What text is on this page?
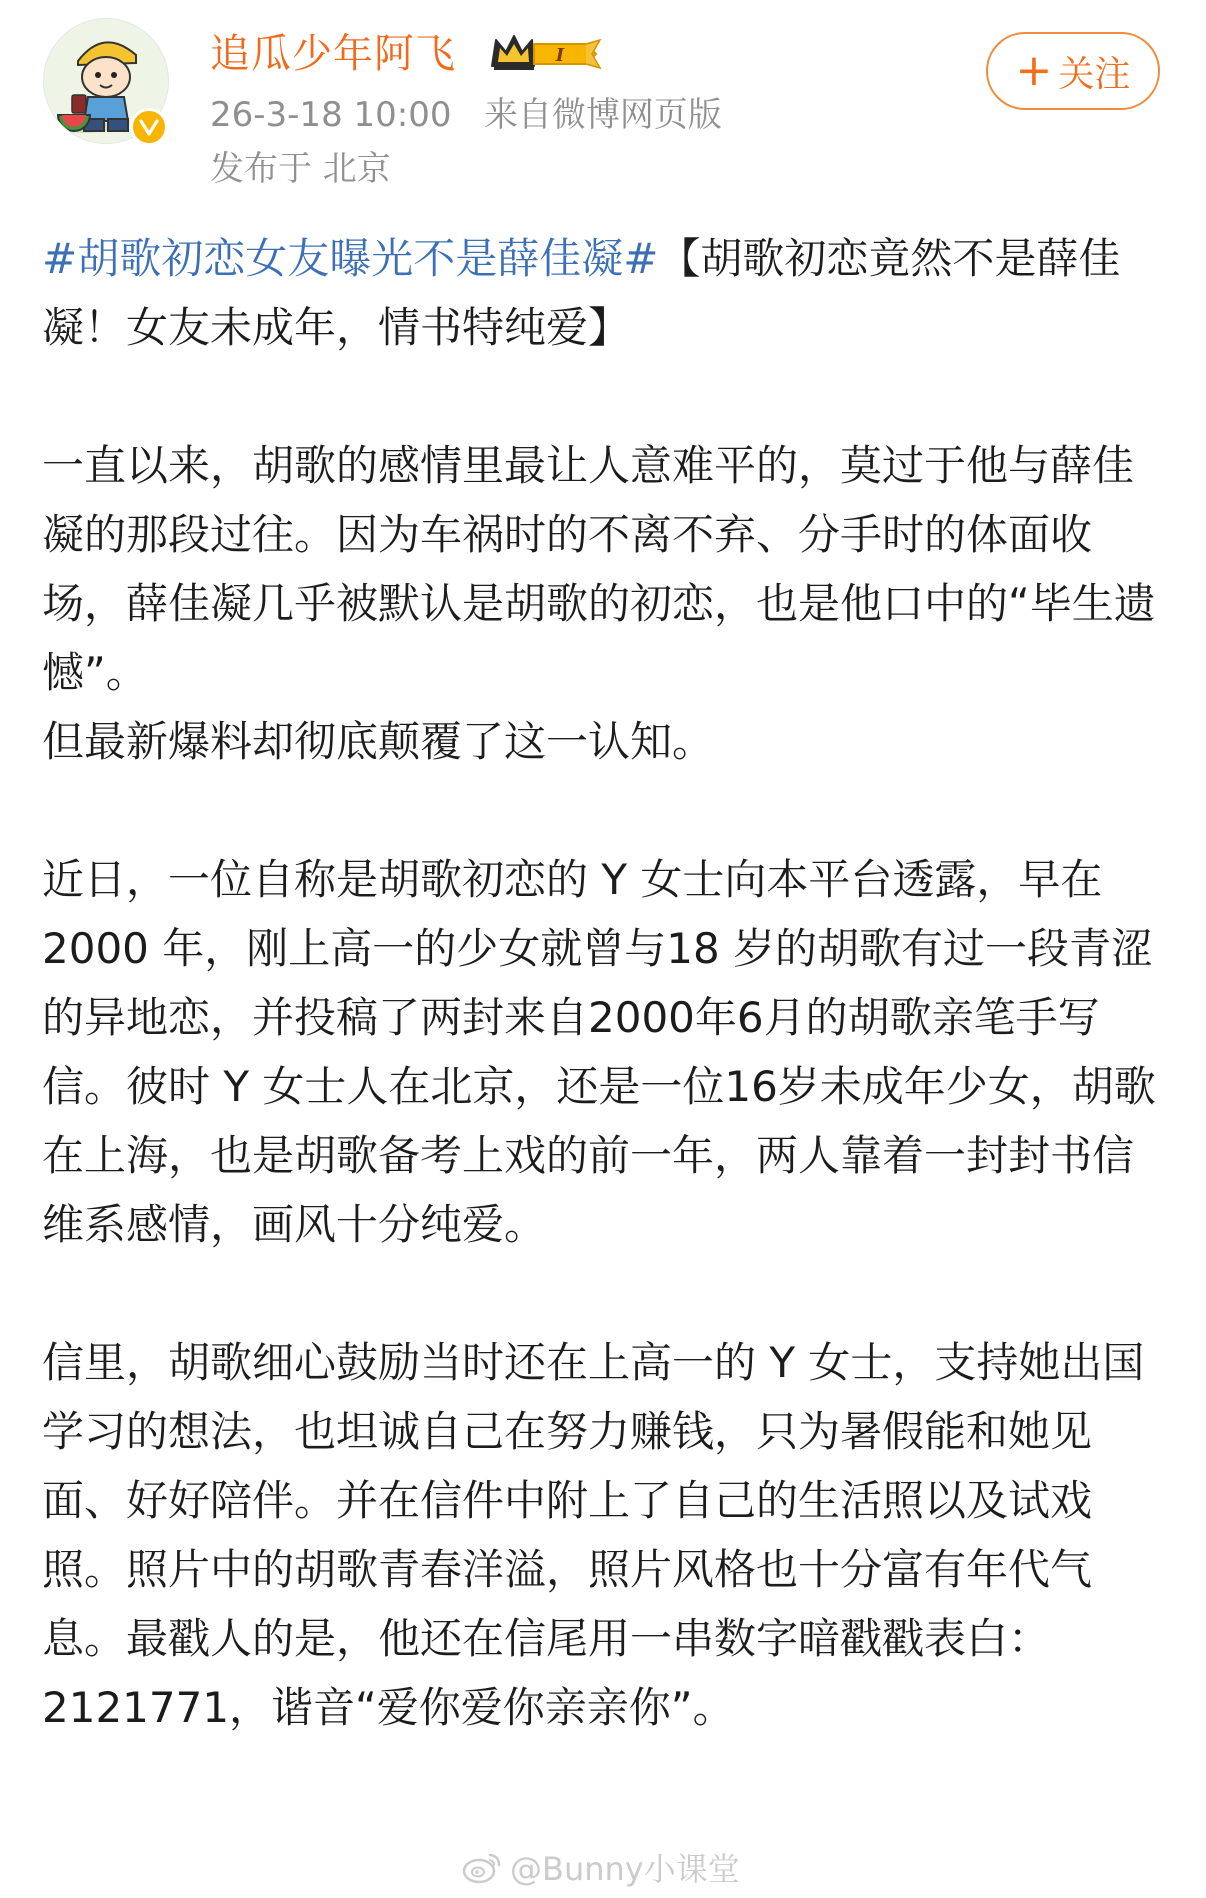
追瓜少年阿飞	I
26-3-18 10:00 来自微博网页版
发布于 北京
+ 关注

#胡歌初恋女友曝光不是薛佳凝#【胡歌初恋竟然不是薛佳凝！女友未成年，情书特纯爱】

一直以来，胡歌的感情里最让人意难平的，莫过于他与薛佳凝的那段过往。因为车祸时的不离不弃、分手时的体面收场，薛佳凝几乎被默认是胡歌的初恋，也是他口中的“毕生遗憾”。

但最新爆料却彻底颠覆了这一认知。

近日，一位自称是胡歌初恋的 Y 女士向本平台透露，早在 2000 年，刚上高一的少女就曾与18 岁的胡歌有过一段青涩的异地恋，并投稿了两封来自2000年6月的胡歌亲笔手写信。彼时 Y 女士人在北京，还是一位16岁未成年少女，胡歌在上海，也是胡歌备考上戏的前一年，两人靠着一封封书信维系感情，画风十分纯爱。

信里，胡歌细心鼓励当时还在上高一的 Y 女士，支持她出国学习的想法，也坦诚自己在努力赚钱，只为暑假能和她见面、好好陪伴。并在信件中附上了自己的生活照以及试戏照。照片中的胡歌青春洋溢，照片风格也十分富有年代气息。最戳人的是，他还在信尾用一串数字暗戳戳表白：2121771，谐音“爱你爱你亲亲你”。

@Bunny小课堂
